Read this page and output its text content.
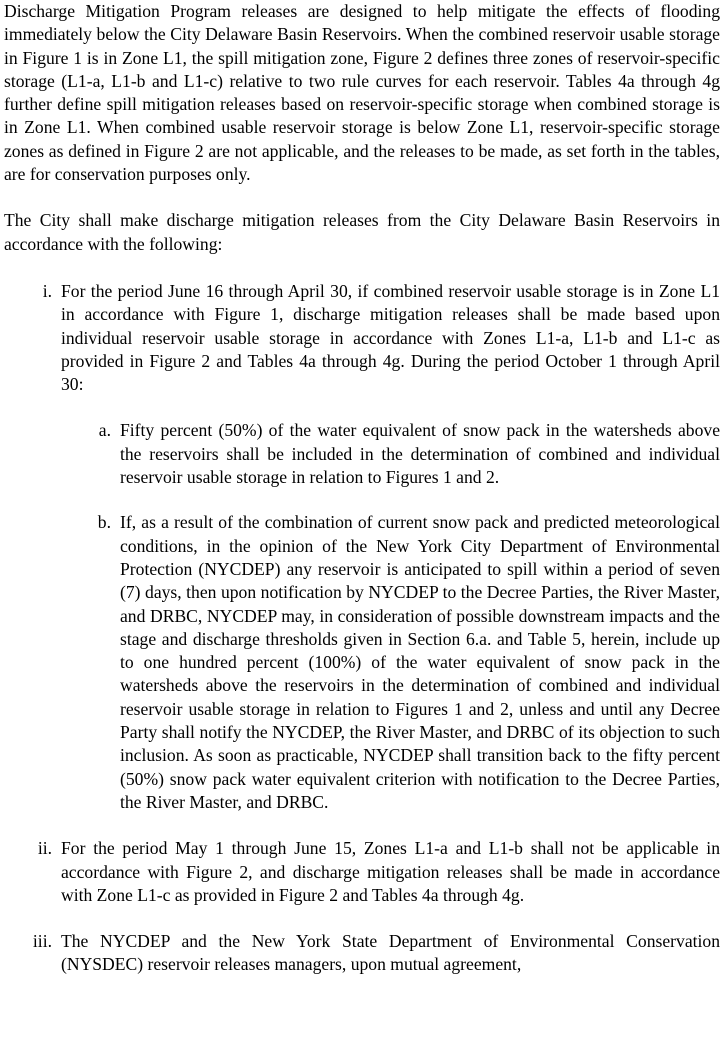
Discharge Mitigation Program releases are designed to help mitigate the effects of flooding immediately below the City Delaware Basin Reservoirs. When the combined reservoir usable storage in Figure 1 is in Zone L1, the spill mitigation zone, Figure 2 defines three zones of reservoir-specific storage (L1-a, L1-b and L1-c) relative to two rule curves for each reservoir. Tables 4a through 4g further define spill mitigation releases based on reservoir-specific storage when combined storage is in Zone L1. When combined usable reservoir storage is below Zone L1, reservoir-specific storage zones as defined in Figure 2 are not applicable, and the releases to be made, as set forth in the tables, are for conservation purposes only.

The City shall make discharge mitigation releases from the City Delaware Basin Reservoirs in accordance with the following:

i. For the period June 16 through April 30, if combined reservoir usable storage is in Zone L1 in accordance with Figure 1, discharge mitigation releases shall be made based upon individual reservoir usable storage in accordance with Zones L1-a, L1-b and L1-c as provided in Figure 2 and Tables 4a through 4g. During the period October 1 through April 30:

a. Fifty percent (50%) of the water equivalent of snow pack in the watersheds above the reservoirs shall be included in the determination of combined and individual reservoir usable storage in relation to Figures 1 and 2.

b. If, as a result of the combination of current snow pack and predicted meteorological conditions, in the opinion of the New York City Department of Environmental Protection (NYCDEP) any reservoir is anticipated to spill within a period of seven (7) days, then upon notification by NYCDEP to the Decree Parties, the River Master, and DRBC, NYCDEP may, in consideration of possible downstream impacts and the stage and discharge thresholds given in Section 6.a. and Table 5, herein, include up to one hundred percent (100%) of the water equivalent of snow pack in the watersheds above the reservoirs in the determination of combined and individual reservoir usable storage in relation to Figures 1 and 2, unless and until any Decree Party shall notify the NYCDEP, the River Master, and DRBC of its objection to such inclusion. As soon as practicable, NYCDEP shall transition back to the fifty percent (50%) snow pack water equivalent criterion with notification to the Decree Parties, the River Master, and DRBC.

ii. For the period May 1 through June 15, Zones L1-a and L1-b shall not be applicable in accordance with Figure 2, and discharge mitigation releases shall be made in accordance with Zone L1-c as provided in Figure 2 and Tables 4a through 4g.

iii. The NYCDEP and the New York State Department of Environmental Conservation (NYSDEC) reservoir releases managers, upon mutual agreement,
